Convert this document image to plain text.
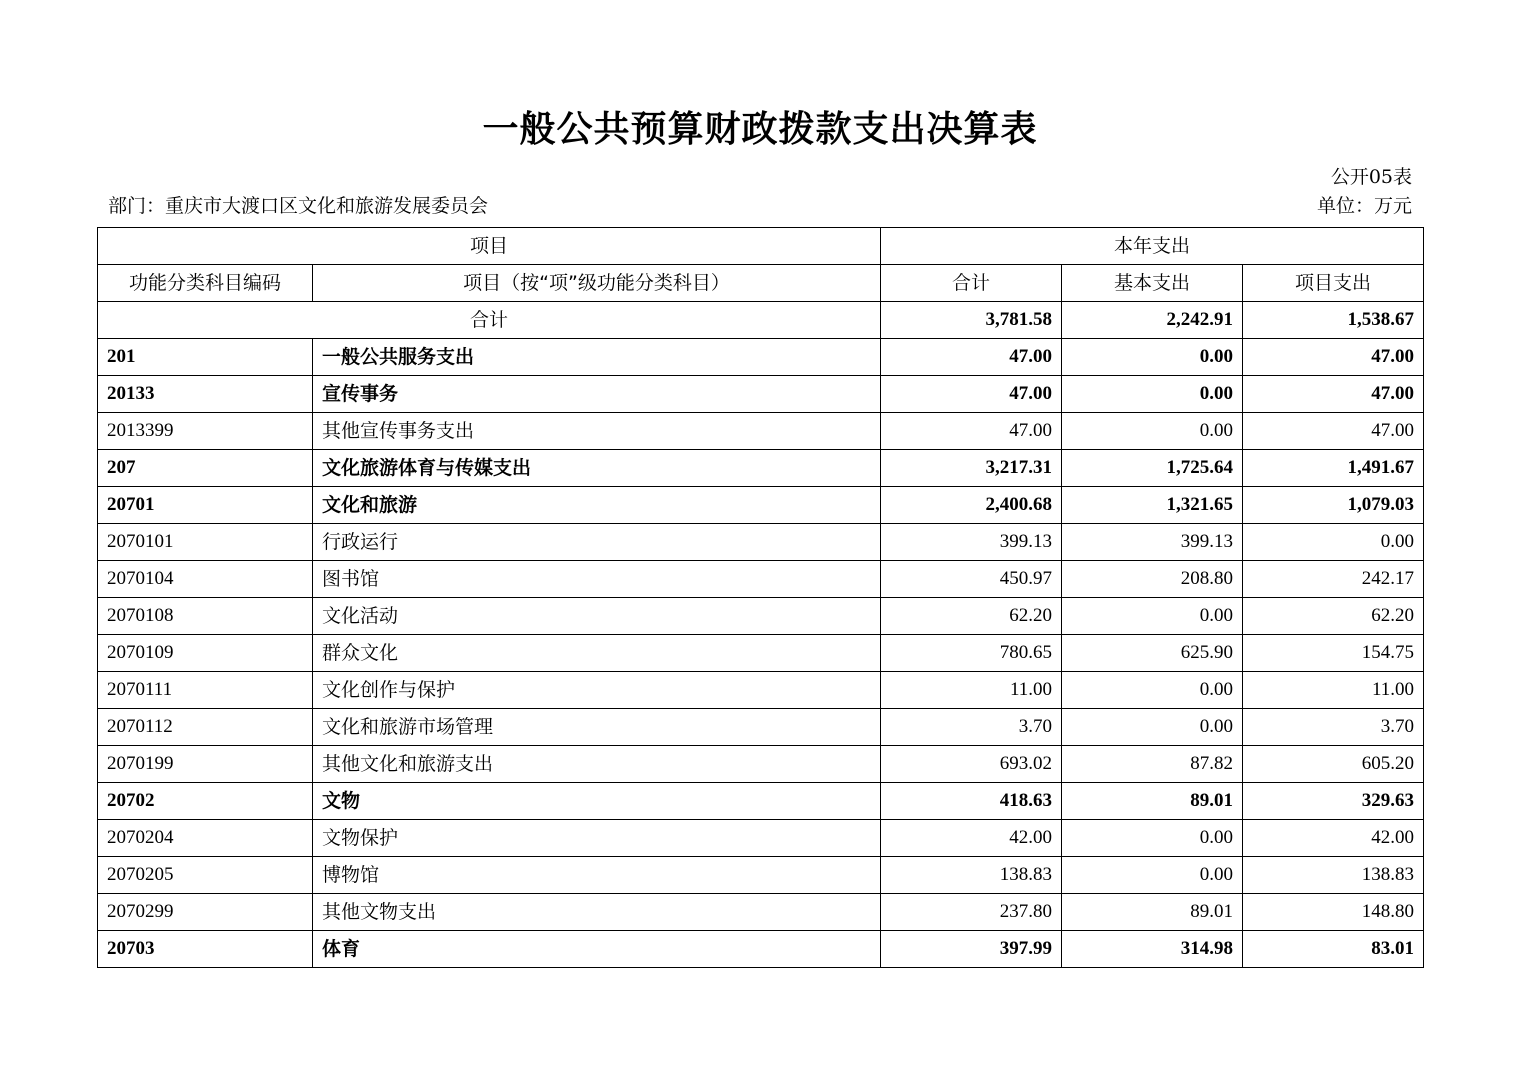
一般公共预算财政拨款支出决算表
公开05表
部门：重庆市大渡口区文化和旅游发展委员会	单位：万元
项目		本年支出		
功能分类科目编码	项目（按“项”级功能分类科目）	合计	基本支出	项目支出
合计		3,781.58	2,242.91	1,538.67
201	一般公共服务支出	47.00	0.00	47.00
20133	宣传事务	47.00	0.00	47.00
2013399	其他宣传事务支出	47.00	0.00	47.00
207	文化旅游体育与传媒支出	3,217.31	1,725.64	1,491.67
20701	文化和旅游	2,400.68	1,321.65	1,079.03
2070101	行政运行	399.13	399.13	0.00
2070104	图书馆	450.97	208.80	242.17
2070108	文化活动	62.20	0.00	62.20
2070109	群众文化	780.65	625.90	154.75
2070111	文化创作与保护	11.00	0.00	11.00
2070112	文化和旅游市场管理	3.70	0.00	3.70
2070199	其他文化和旅游支出	693.02	87.82	605.20
20702	文物	418.63	89.01	329.63
2070204	文物保护	42.00	0.00	42.00
2070205	博物馆	138.83	0.00	138.83
2070299	其他文物支出	237.80	89.01	148.80
20703	体育	397.99	314.98	83.01
